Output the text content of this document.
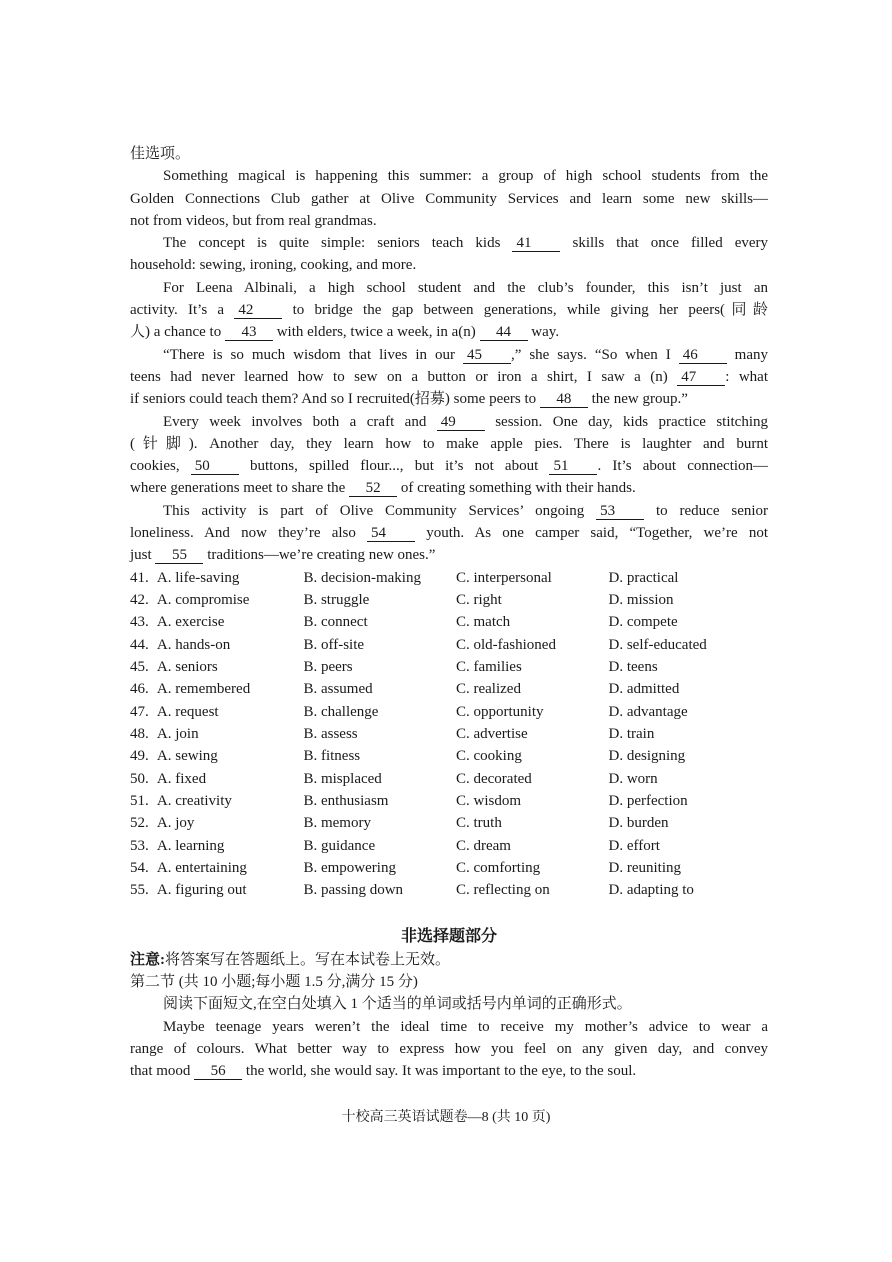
佳选项。
Something magical is happening this summer: a group of high school students from the
Golden Connections Club gather at Olive Community Services and learn some new skills—
not from videos, but from real grandmas.
The concept is quite simple: seniors teach kids 41	skills that once filled every
household: sewing, ironing, cooking, and more.
For Leena Albinali, a high school student and the club’s founder, this isn’t just an
activity. It’s a 42	to bridge the gap between generations, while giving her peers(同龄
人) a chance to 43 with elders, twice a week, in a(n) 44 way.
“There is so much wisdom that lives in our 45 ,” she says. “So when I 46 many
teens had never learned how to sew on a button or iron a shirt, I saw a (n) 47 : what
if seniors could teach them? And so I recruited(招募) some peers to 48 the new group.”
Every week involves both a craft and 49	session. One day, kids practice stitching
(针脚). Another day, they learn how to make apple pies. There is laughter and burnt
cookies, 50	buttons, spilled flour..., but it’s not about 51 . It’s about connection—
where generations meet to share the 52 of creating something with their hands.
This activity is part of Olive Community Services’ ongoing 53	to reduce senior
loneliness. And now they’re also 54	youth. As one camper said, “Together, we’re not
just 55 traditions—we’re creating new ones.”
41. A. life-saving	B. decision-making	C. interpersonal	D. practical
42. A. compromise	B. struggle	C. right	D. mission
43. A. exercise	B. connect	C. match	D. compete
44. A. hands-on	B. off-site	C. old-fashioned	D. self-educated
45. A. seniors	B. peers	C. families	D. teens
46. A. remembered	B. assumed	C. realized	D. admitted
47. A. request	B. challenge	C. opportunity	D. advantage
48. A. join	B. assess	C. advertise	D. train
49. A. sewing	B. fitness	C. cooking	D. designing
50. A. fixed	B. misplaced	C. decorated	D. worn
51. A. creativity	B. enthusiasm	C. wisdom	D. perfection
52. A. joy	B. memory	C. truth	D. burden
53. A. learning	B. guidance	C. dream	D. effort
54. A. entertaining	B. empowering	C. comforting	D. reuniting
55. A. figuring out	B. passing down	C. reflecting on	D. adapting to
非选择题部分
注意:将答案写在答题纸上。写在本试卷上无效。
第二节 (共 10 小题;每小题 1.5 分,满分 15 分)
阅读下面短文,在空白处填入 1 个适当的单词或括号内单词的正确形式。
Maybe teenage years weren’t the ideal time to receive my mother’s advice to wear a
range of colours. What better way to express how you feel on any given day, and convey
that mood 56 the world, she would say. It was important to the eye, to the soul.
十校高三英语试题卷—8 (共 10 页)
